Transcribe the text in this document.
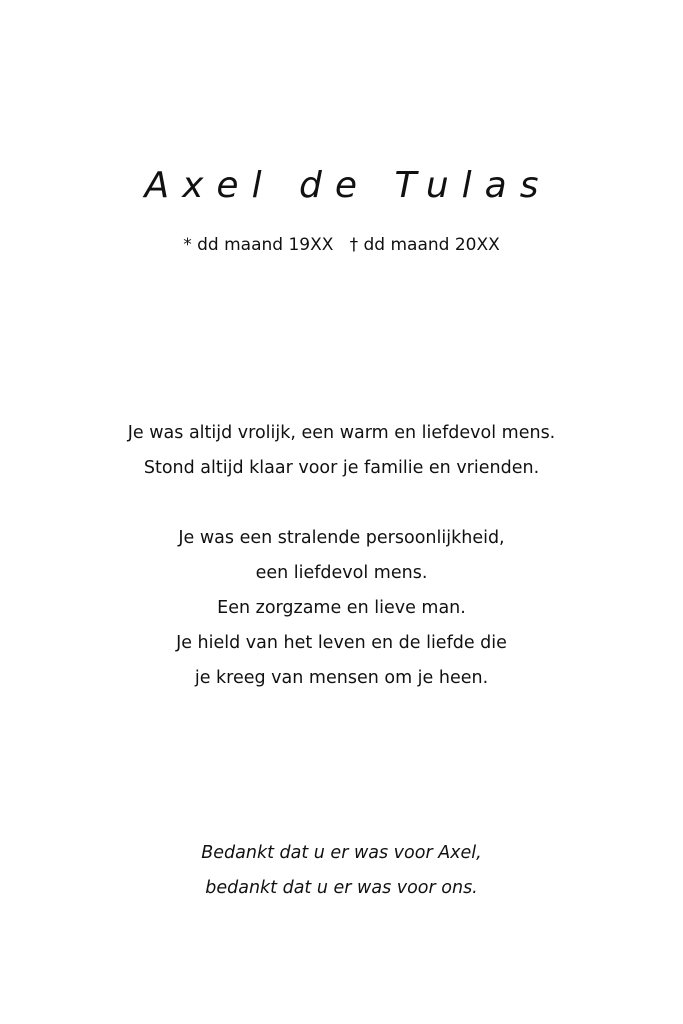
Axel de Tulas
* dd maand 19XX   † dd maand 20XX
Je was altijd vrolijk, een warm en liefdevol mens.
Stond altijd klaar voor je familie en vrienden.
Je was een stralende persoonlijkheid,
een liefdevol mens.
Een zorgzame en lieve man.
Je hield van het leven en de liefde die
je kreeg van mensen om je heen.
Bedankt dat u er was voor Axel,
bedankt dat u er was voor ons.
